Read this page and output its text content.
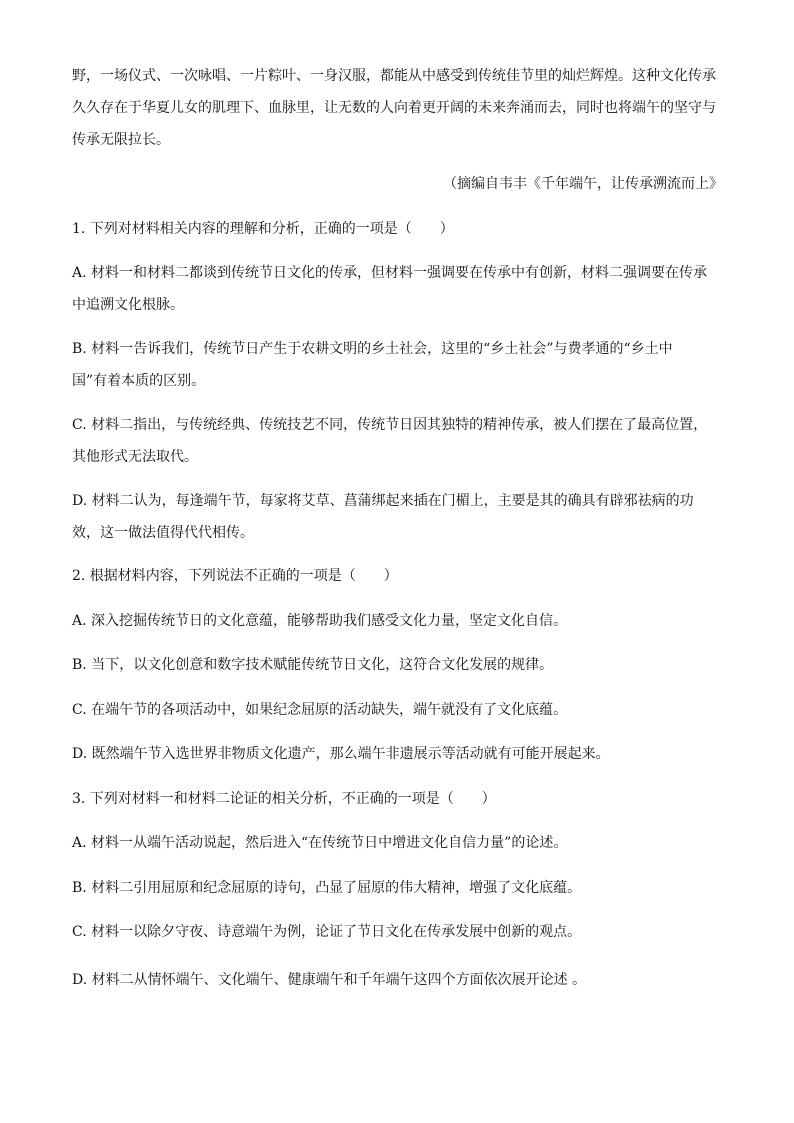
野，一场仪式、一次咏唱、一片粽叶、一身汉服，都能从中感受到传统佳节里的灿烂辉煌。这种文化传承
久久存在于华夏儿女的肌理下、血脉里，让无数的人向着更开阔的未来奔涌而去，同时也将端午的坚守与
传承无限拉长。
（摘编自韦丰《千年端午，让传承溯流而上》
1. 下列对材料相关内容的理解和分析，正确的一项是（　　）
A. 材料一和材料二都谈到传统节日文化的传承，但材料一强调要在传承中有创新，材料二强调要在传承
中追溯文化根脉。
B. 材料一告诉我们，传统节日产生于农耕文明的乡土社会，这里的“乡土社会”与费孝通的“乡土中
国”有着本质的区别。
C. 材料二指出，与传统经典、传统技艺不同，传统节日因其独特的精神传承，被人们摆在了最高位置，
其他形式无法取代。
D. 材料二认为，每逢端午节，每家将艾草、菖蒲绑起来插在门楣上，主要是其的确具有辟邪祛病的功
效，这一做法值得代代相传。
2. 根据材料内容，下列说法不正确的一项是（　　）
A. 深入挖掘传统节日的文化意蕴，能够帮助我们感受文化力量，坚定文化自信。
B. 当下，以文化创意和数字技术赋能传统节日文化，这符合文化发展的规律。
C. 在端午节的各项活动中，如果纪念屈原的活动缺失，端午就没有了文化底蕴。
D. 既然端午节入选世界非物质文化遗产，那么端午非遗展示等活动就有可能开展起来。
3. 下列对材料一和材料二论证的相关分析，不正确的一项是（　　）
A. 材料一从端午活动说起，然后进入“在传统节日中增进文化自信力量”的论述。
B. 材料二引用屈原和纪念屈原的诗句，凸显了屈原的伟大精神，增强了文化底蕴。
C. 材料一以除夕守夜、诗意端午为例，论证了节日文化在传承发展中创新的观点。
D. 材料二从情怀端午、文化端午、健康端午和千年端午这四个方面依次展开论述 。
